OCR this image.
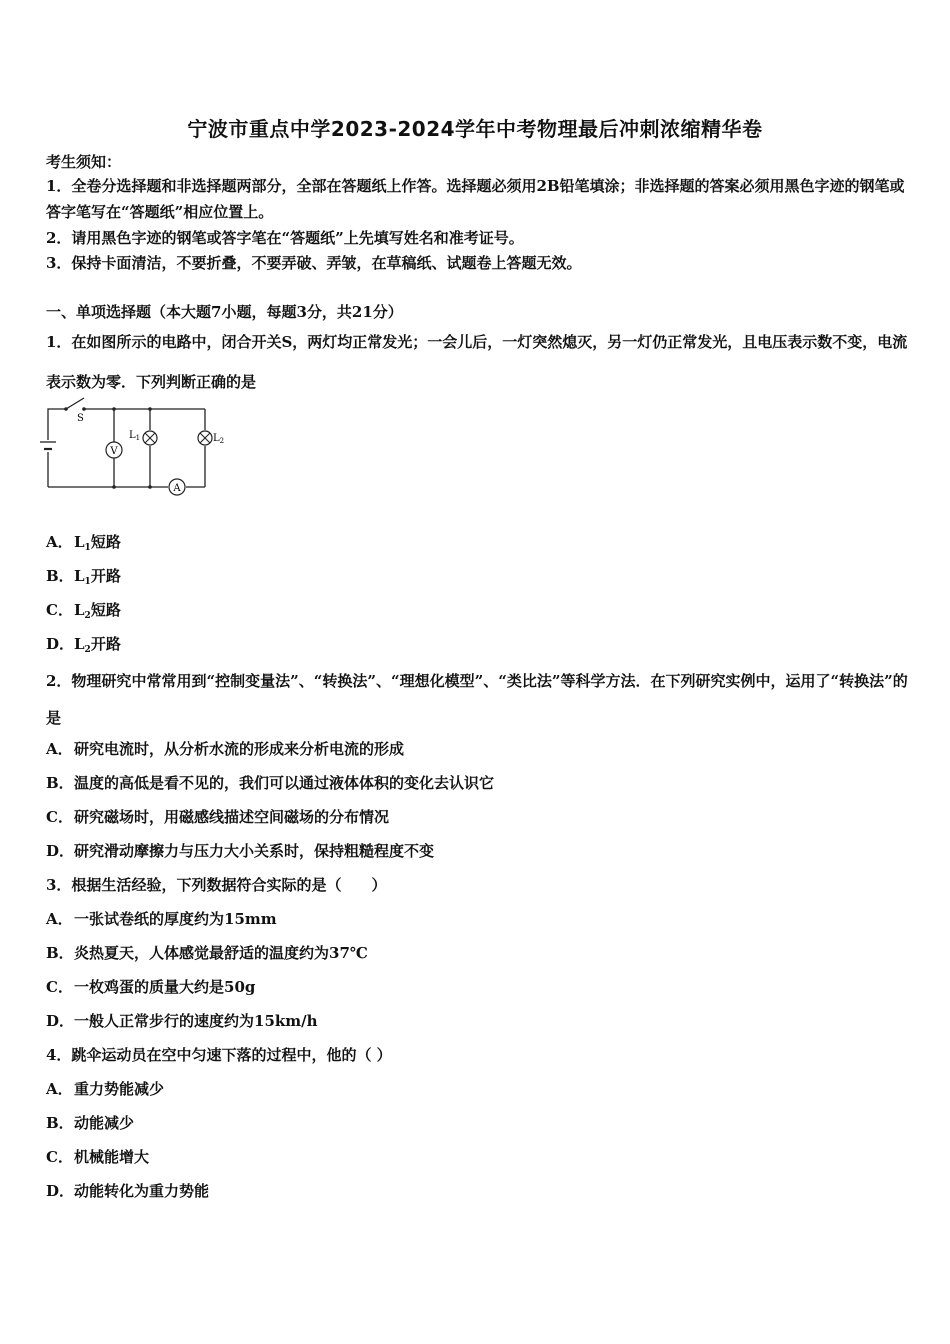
宁波市重点中学2023-2024学年中考物理最后冲刺浓缩精华卷
考生须知：
1．全卷分选择题和非选择题两部分，全部在答题纸上作答。选择题必须用2B铅笔填涂；非选择题的答案必须用黑色字迹的钢笔或答字笔写在“答题纸”相应位置上。
2．请用黑色字迹的钢笔或答字笔在“答题纸”上先填写姓名和准考证号。
3．保持卡面清洁，不要折叠，不要弄破、弄皱，在草稿纸、试题卷上答题无效。
一、单项选择题（本大题7小题，每题3分，共21分）
1．在如图所示的电路中，闭合开关S，两灯均正常发光；一会儿后，一灯突然熄灭，另一灯仍正常发光，且电压表示数不变，电流表示数为零．下列判断正确的是
S
V
$L_1$	$L_2$
A
A．$L_1$短路
B．$L_1$开路
C．$L_2$短路
D．$L_2$开路
2．物理研究中常常用到“控制变量法”、“转换法”、“理想化模型”、“类比法”等科学方法．在下列研究实例中，运用了“转换法”的是
A．研究电流时，从分析水流的形成来分析电流的形成
B．温度的高低是看不见的，我们可以通过液体体积的变化去认识它
C．研究磁场时，用磁感线描述空间磁场的分布情况
D．研究滑动摩擦力与压力大小关系时，保持粗糙程度不变
3．根据生活经验，下列数据符合实际的是（　　）
A．一张试卷纸的厚度约为15mm
B．炎热夏天，人体感觉最舒适的温度约为37℃
C．一枚鸡蛋的质量大约是50g
D．一般人正常步行的速度约为15km/h
4．跳伞运动员在空中匀速下落的过程中，他的（ ）
A．重力势能减少
B．动能减少
C．机械能增大
D．动能转化为重力势能
